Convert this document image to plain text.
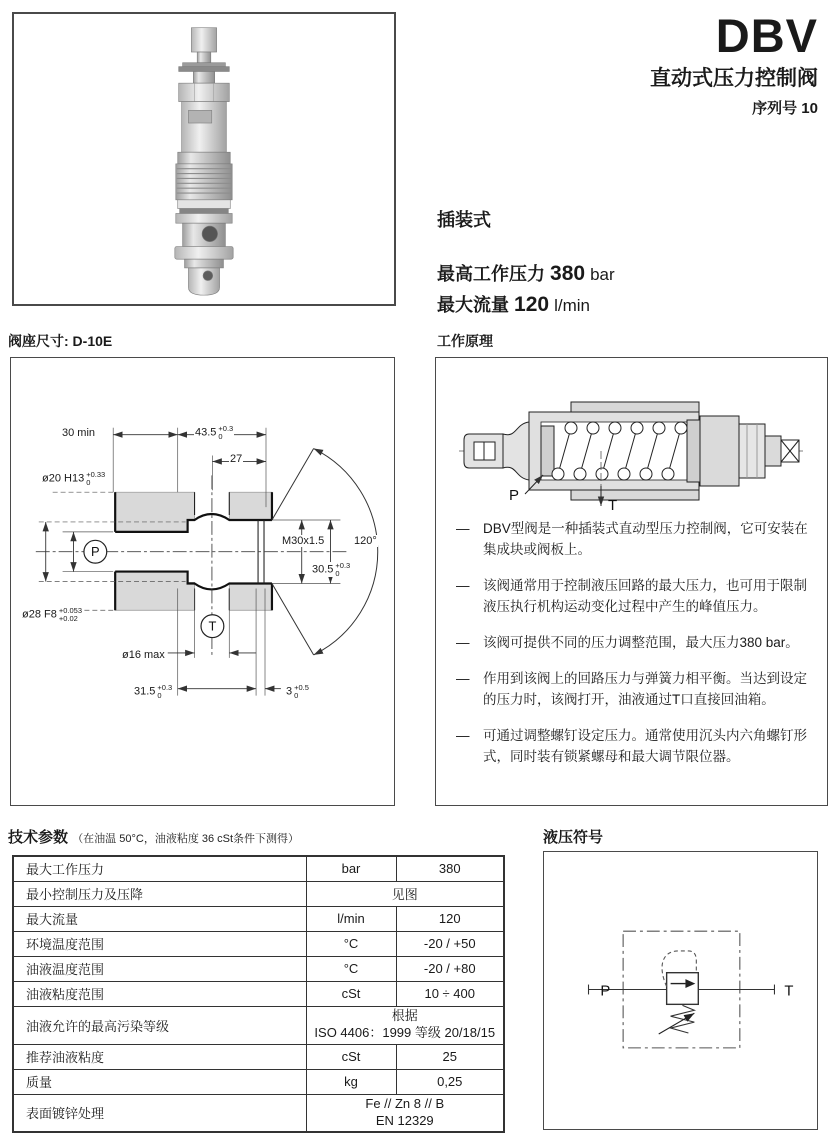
DBV
直动式压力控制阀
序列号 10
插装式
最高工作压力 380 bar
最大流量 120 l/min
阀座尺寸: D-10E
P
T
30 min	43.5 +0.3
0
27
ø20 H13 +0.33
0
M30x1.5	120°
30.5 +0.3
0
ø28 F8 +0.053
+0.02
ø16 max
31.5 +0.3
0	3 +0.5
0
工作原理
P
T
—	DBV型阀是一种插装式直动型压力控制阀，它可安装在集成块或阀板上。
—	该阀通常用于控制液压回路的最大压力，也可用于限制液压执行机构运动变化过程中产生的峰值压力。
—	该阀可提供不同的压力调整范围，最大压力380 bar。
—	作用到该阀上的回路压力与弹簧力相平衡。当达到设定的压力时，该阀打开，油液通过T口直接回油箱。
—	可通过调整螺钉设定压力。通常使用沉头内六角螺钉形式，同时装有锁紧螺母和最大调节限位器。
技术参数 （在油温 50°C，油液粘度 36 cSt条件下测得）
最大工作压力	bar	380
最小控制压力及压降	见图	
最大流量	l/min	120
环境温度范围	°C	-20 / +50
油液温度范围	°C	-20 / +80
油液粘度范围	cSt	10 ÷ 400
油液允许的最高污染等级	根据
ISO 4406：1999 等级 20/18/15	

推荐油液粘度	cSt	25
质量	kg	0,25
表面镀锌处理	Fe // Zn 8 // B
EN 12329	
液压符号
P	T
